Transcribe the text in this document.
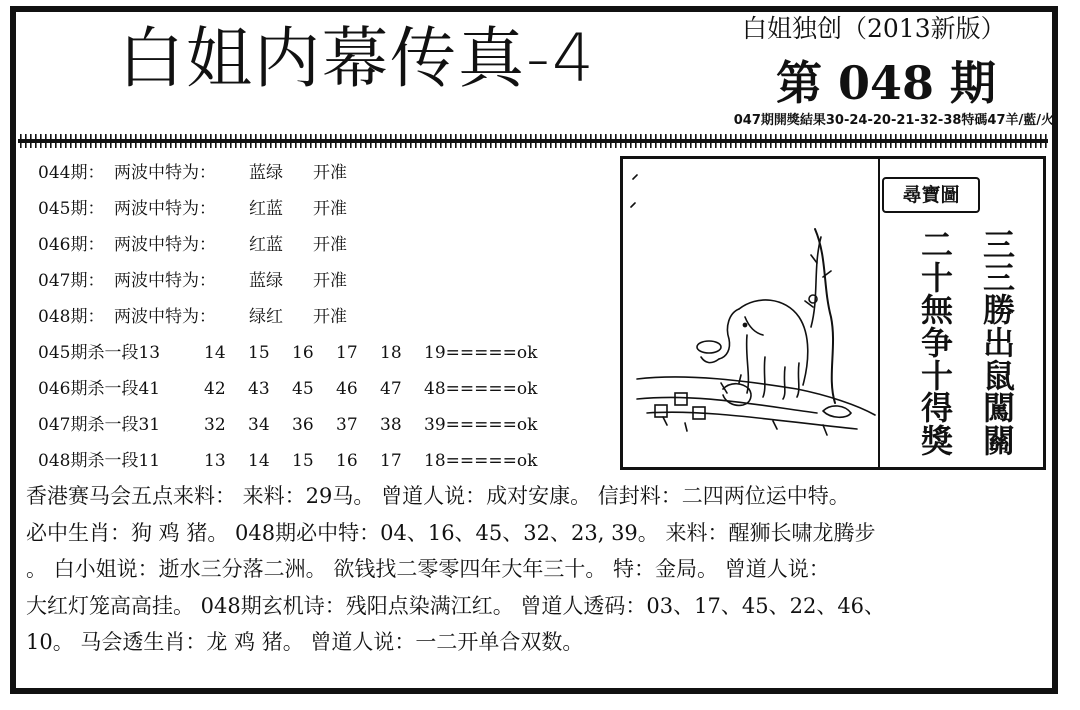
白姐内幕传真-4	白姐独创（2013新版）
第 048 期
047期開獎結果30-24-20-21-32-38特碼47羊/藍/火
044期： 两波中特为：	蓝绿	开准
045期： 两波中特为：	红蓝	开准
046期： 两波中特为：	红蓝	开准
047期： 两波中特为：	蓝绿	开准
048期： 两波中特为：	绿红	开准
045期杀一段13	14	15	16	17	18	19=====ok
046期杀一段41	42	43	45	46	47	48=====ok
047期杀一段31	32	34	36	37	38	39=====ok
048期杀一段11	13	14	15	16	17	18=====ok
尋寶圖
三三勝出鼠闖關
二十無争十得獎
香港赛马会五点来料： 来料：29马。 曾道人说：成对安康。 信封料：二四两位运中特。
必中生肖：狗 鸡 猪。 048期必中特：04、16、45、32、23, 39。 来料：醒狮长啸龙腾步
。 白小姐说：逝水三分落二洲。 欲钱找二零零四年大年三十。 特：金局。 曾道人说：
大红灯笼高高挂。 048期玄机诗：残阳点染满江红。 曾道人透码：03、17、45、22、46、
10。 马会透生肖：龙 鸡 猪。 曾道人说：一二开单合双数。
